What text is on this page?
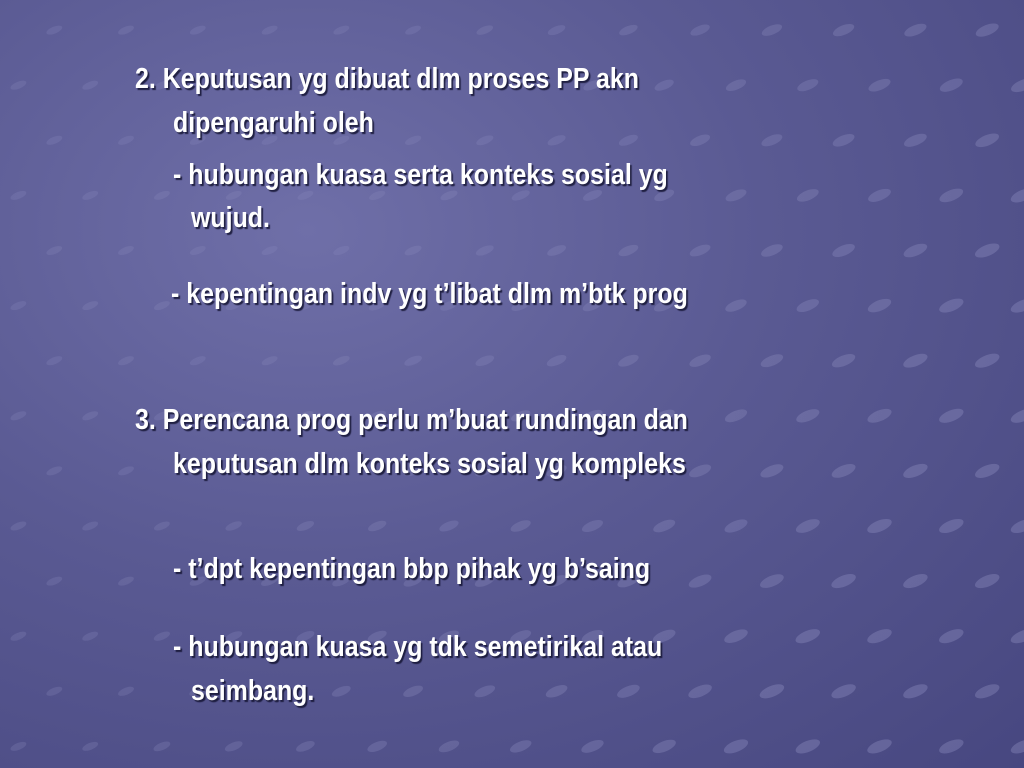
2. Keputusan yg dibuat dlm proses PP akn

dipengaruhi oleh

- hubungan kuasa serta konteks sosial yg

wujud.

- kepentingan indv yg t’libat dlm m’btk prog

3. Perencana prog perlu m’buat rundingan dan

keputusan dlm konteks sosial yg kompleks

- t’dpt kepentingan bbp pihak yg b’saing

- hubungan kuasa yg tdk semetirikal atau

seimbang.
